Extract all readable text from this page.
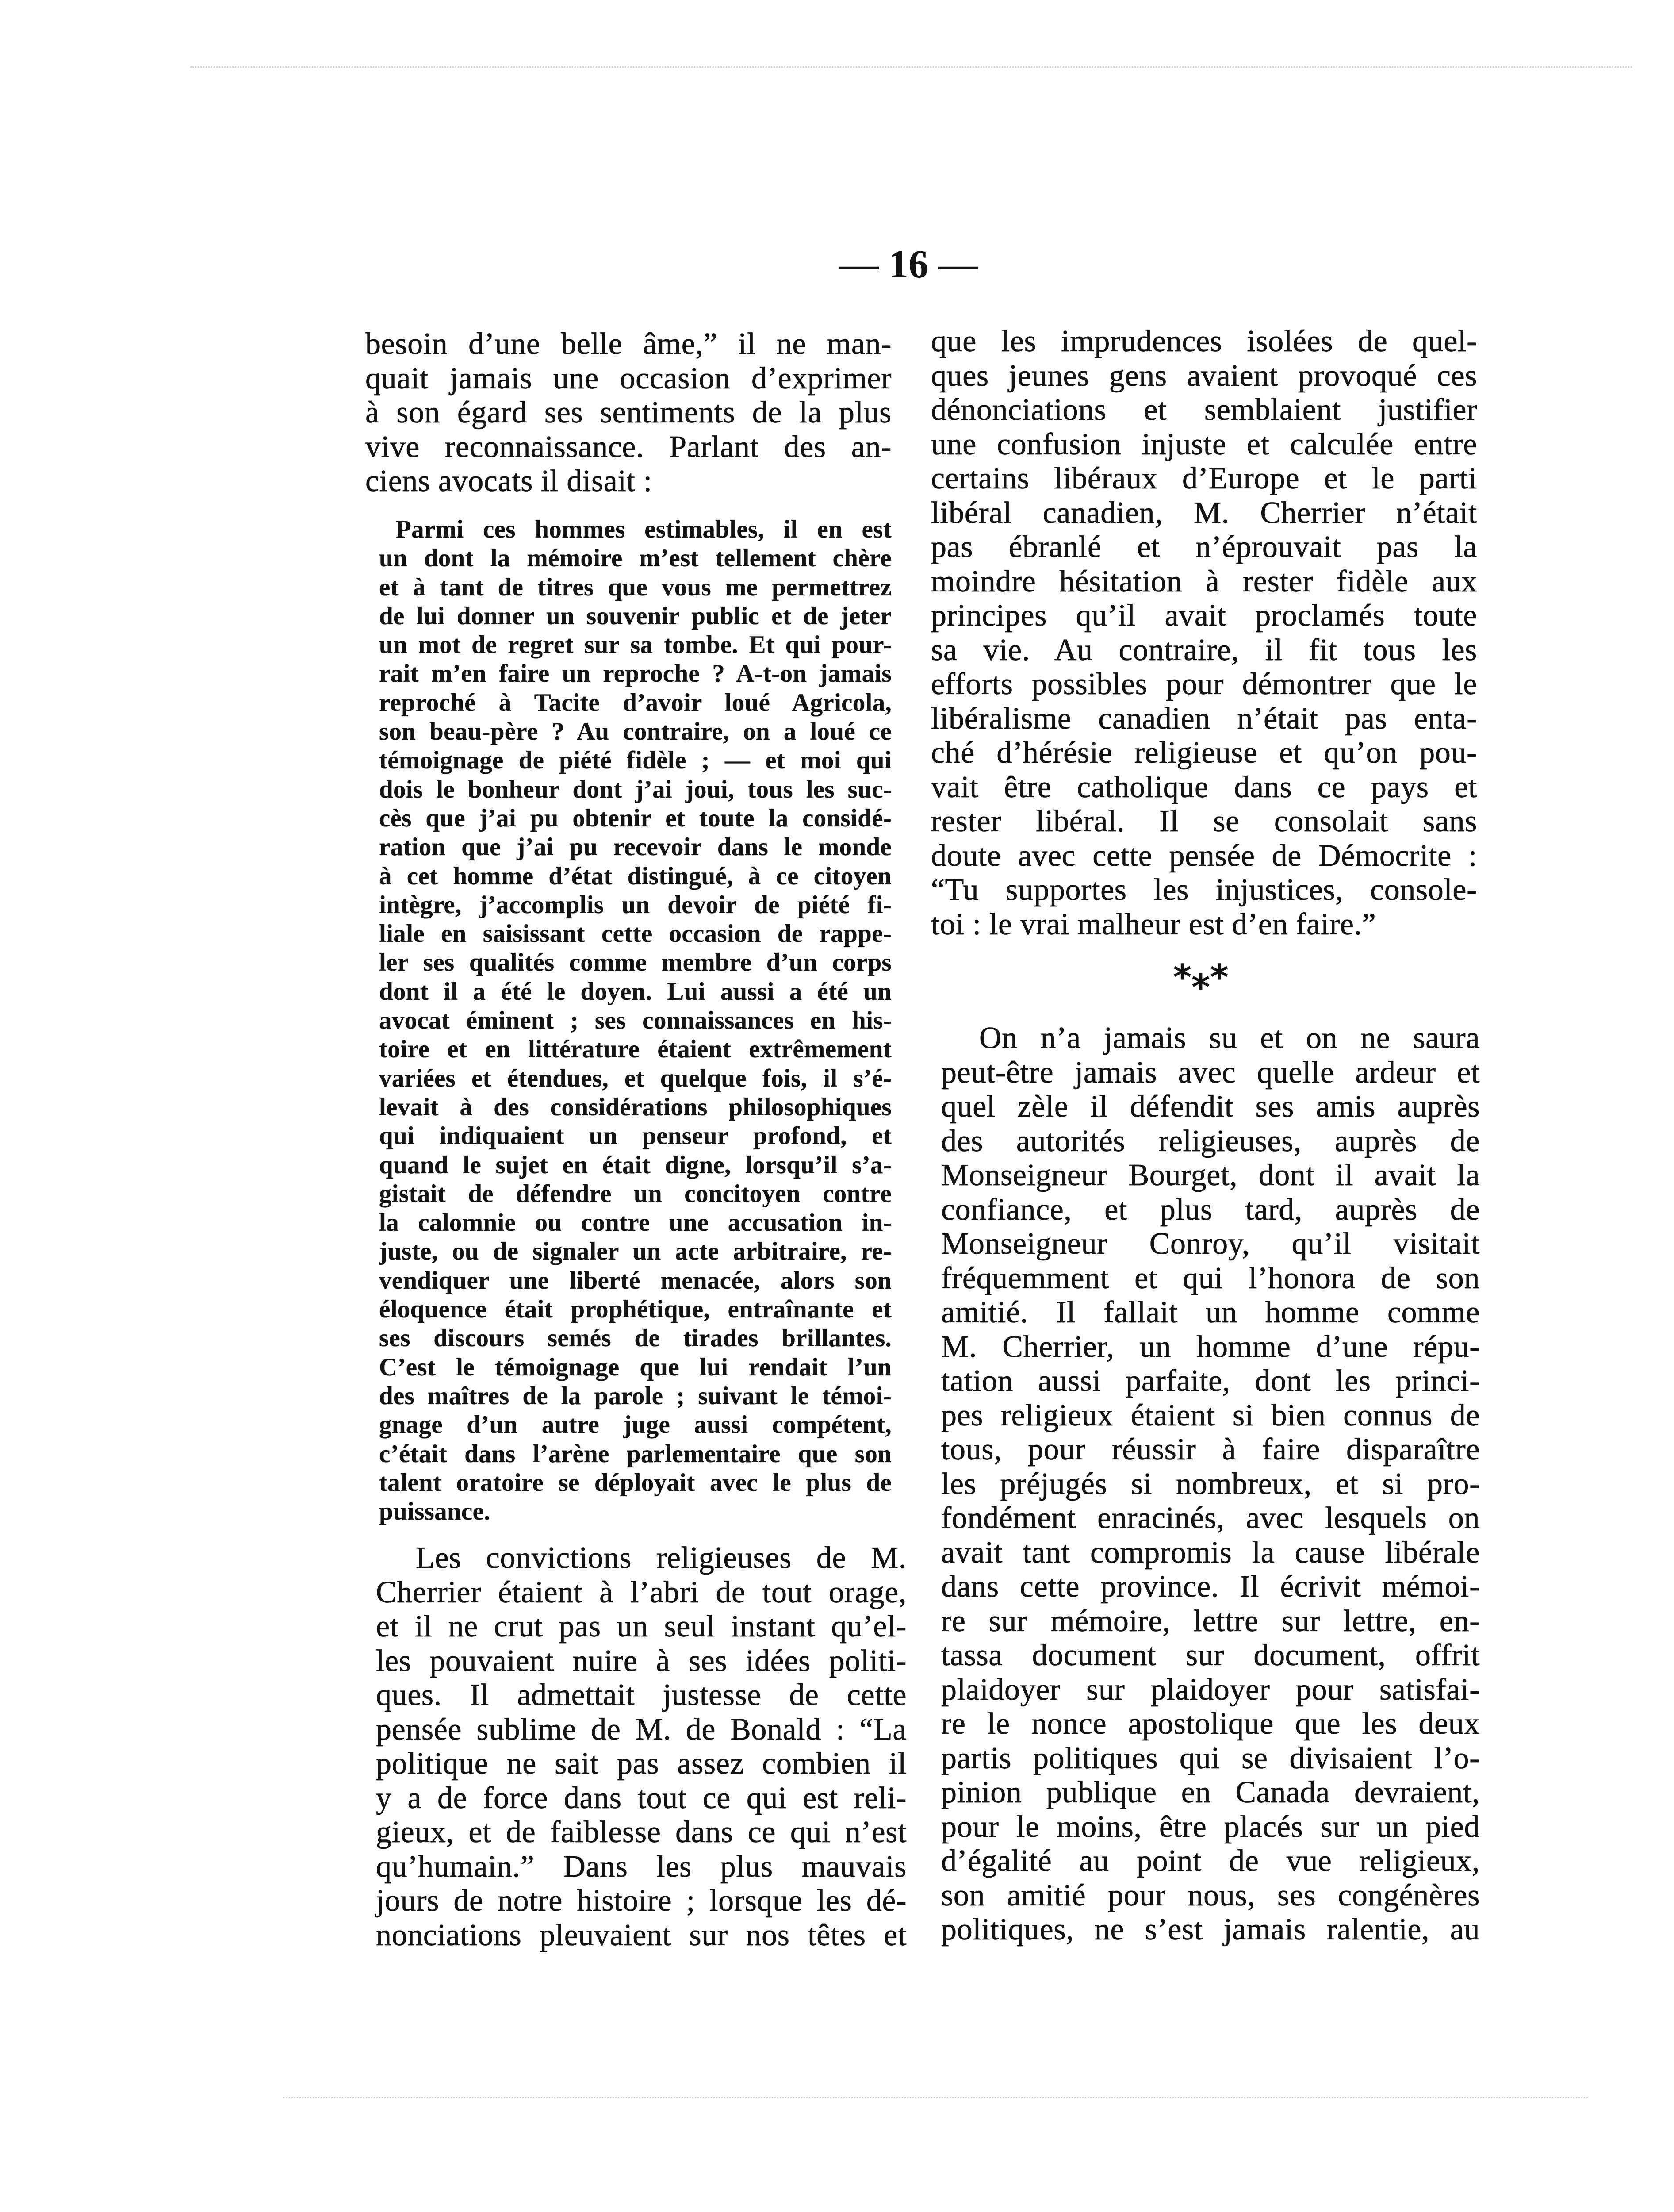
— 16 —
besoin d’une belle âme,” il ne man-
quait jamais une occasion d’exprimer
à son égard ses sentiments de la plus
vive reconnaissance. Parlant des an-
ciens avocats il disait :
Parmi ces hommes estimables, il en est
un dont la mémoire m’est tellement chère
et à tant de titres que vous me permettrez
de lui donner un souvenir public et de jeter
un mot de regret sur sa tombe. Et qui pour-
rait m’en faire un reproche ? A-t-on jamais
reproché à Tacite d’avoir loué Agricola,
son beau-père ? Au contraire, on a loué ce
témoignage de piété fidèle ; — et moi qui
dois le bonheur dont j’ai joui, tous les suc-
cès que j’ai pu obtenir et toute la considé-
ration que j’ai pu recevoir dans le monde
à cet homme d’état distingué, à ce citoyen
intègre, j’accomplis un devoir de piété fi-
liale en saisissant cette occasion de rappe-
ler ses qualités comme membre d’un corps
dont il a été le doyen. Lui aussi a été un
avocat éminent ; ses connaissances en his-
toire et en littérature étaient extrêmement
variées et étendues, et quelque fois, il s’é-
levait à des considérations philosophiques
qui indiquaient un penseur profond, et
quand le sujet en était digne, lorsqu’il s’a-
gistait de défendre un concitoyen contre
la calomnie ou contre une accusation in-
juste, ou de signaler un acte arbitraire, re-
vendiquer une liberté menacée, alors son
éloquence était prophétique, entraînante et
ses discours semés de tirades brillantes.
C’est le témoignage que lui rendait l’un
des maîtres de la parole ; suivant le témoi-
gnage d’un autre juge aussi compétent,
c’était dans l’arène parlementaire que son
talent oratoire se déployait avec le plus de
puissance.
Les convictions religieuses de M.
Cherrier étaient à l’abri de tout orage,
et il ne crut pas un seul instant qu’el-
les pouvaient nuire à ses idées politi-
ques. Il admettait justesse de cette
pensée sublime de M. de Bonald : “La
politique ne sait pas assez combien il
y a de force dans tout ce qui est reli-
gieux, et de faiblesse dans ce qui n’est
qu’humain.” Dans les plus mauvais
jours de notre histoire ; lorsque les dé-
nonciations pleuvaient sur nos têtes et
que les imprudences isolées de quel-
ques jeunes gens avaient provoqué ces
dénonciations et semblaient justifier
une confusion injuste et calculée entre
certains libéraux d’Europe et le parti
libéral canadien, M. Cherrier n’était
pas ébranlé et n’éprouvait pas la
moindre hésitation à rester fidèle aux
principes qu’il avait proclamés toute
sa vie. Au contraire, il fit tous les
efforts possibles pour démontrer que le
libéralisme canadien n’était pas enta-
ché d’hérésie religieuse et qu’on pou-
vait être catholique dans ce pays et
rester libéral. Il se consolait sans
doute avec cette pensée de Démocrite :
“Tu supportes les injustices, console-
toi : le vrai malheur est d’en faire.”
*⁎*
On n’a jamais su et on ne saura
peut-être jamais avec quelle ardeur et
quel zèle il défendit ses amis auprès
des autorités religieuses, auprès de
Monseigneur Bourget, dont il avait la
confiance, et plus tard, auprès de
Monseigneur Conroy, qu’il visitait
fréquemment et qui l’honora de son
amitié. Il fallait un homme comme
M. Cherrier, un homme d’une répu-
tation aussi parfaite, dont les princi-
pes religieux étaient si bien connus de
tous, pour réussir à faire disparaître
les préjugés si nombreux, et si pro-
fondément enracinés, avec lesquels on
avait tant compromis la cause libérale
dans cette province. Il écrivit mémoi-
re sur mémoire, lettre sur lettre, en-
tassa document sur document, offrit
plaidoyer sur plaidoyer pour satisfai-
re le nonce apostolique que les deux
partis politiques qui se divisaient l’o-
pinion publique en Canada devraient,
pour le moins, être placés sur un pied
d’égalité au point de vue religieux,
son amitié pour nous, ses congénères
politiques, ne s’est jamais ralentie, au
